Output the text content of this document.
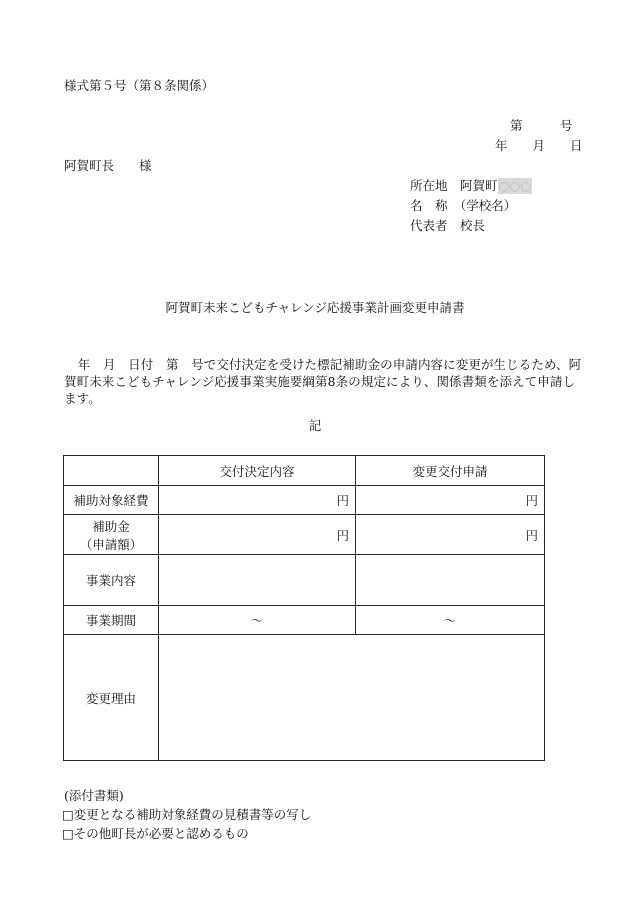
様式第５号（第８条関係）
第　　　号
年　　月　　日
阿賀町長　　様
所在地　阿賀町○○○
名　称　（学校名）
代表者　校長
阿賀町未来こどもチャレンジ応援事業計画変更申請書
年　月　日付　第　号で交付決定を受けた標記補助金の申請内容に変更が生じるため、阿賀町未来こどもチャレンジ応援事業実施要綱第8条の規定により、関係書類を添えて申請します。
記
	交付決定内容	変更交付申請
補助対象経費	円	円

補助金
（申請額）	円	円
事業内容		
事業期間	～	～
変更理由		
(添付書類)
□変更となる補助対象経費の見積書等の写し
□その他町長が必要と認めるもの
